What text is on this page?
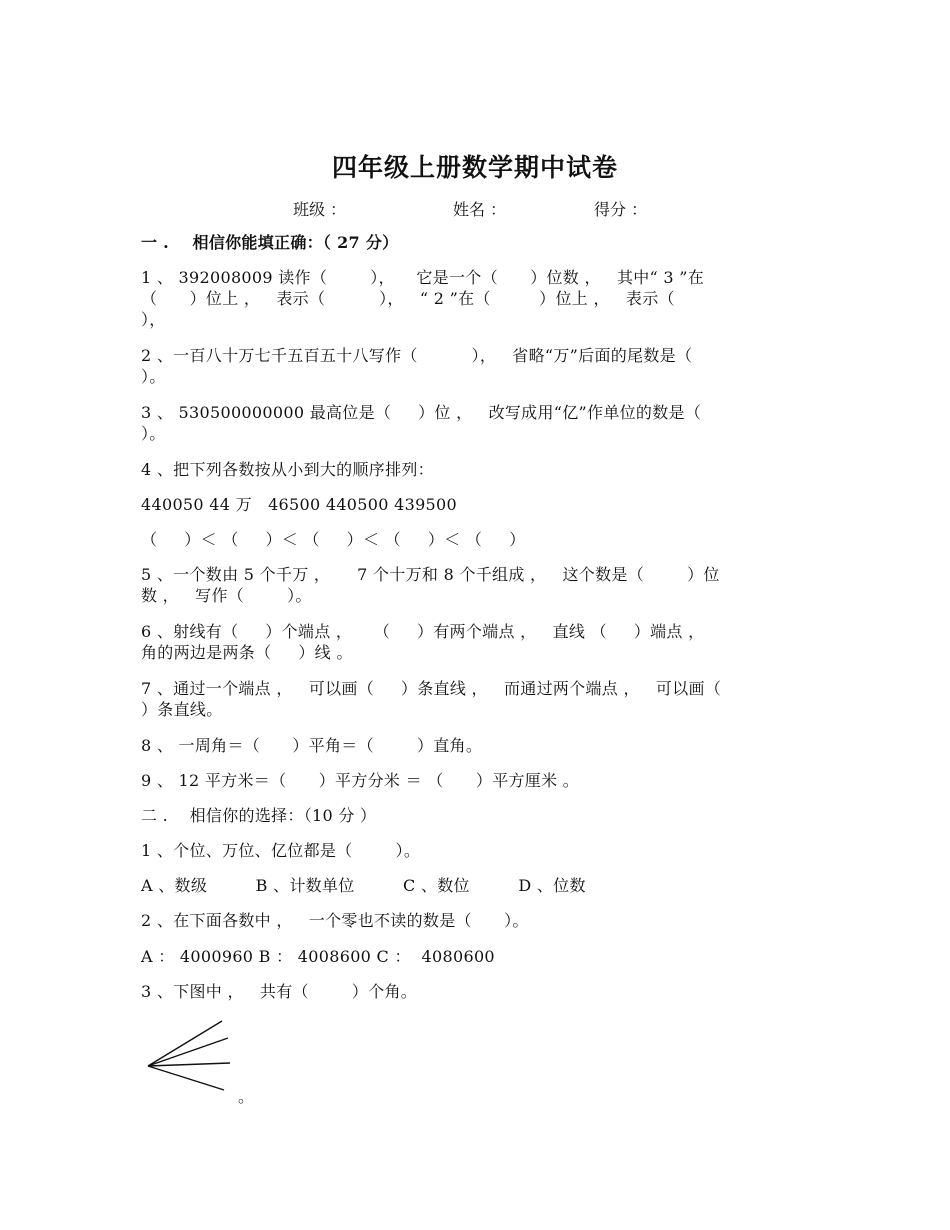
四年级上册数学期中试卷
班级 ：	姓名 ：	得分 ：
一 .    相信你能填正确：（ 27 分）
1 、 392008009 读作（        ），    它是一个（      ）位数 ，   其中“ 3 ”在
（      ）位上 ，   表示（          ），   “ 2 ”在（         ）位上 ，   表示（
），
2 、一百八十万七千五百五十八写作（          ），   省略“万”后面的尾数是（
）。
3 、 530500000000 最高位是（     ）位 ，   改写成用“亿”作单位的数是（
）。
4 、把下列各数按从小到大的顺序排列：
440050 44 万   46500 440500 439500
（     ）＜ （     ）＜ （     ）＜ （     ）＜ （     ）
5 、一个数由 5 个千万 ，     7 个十万和 8 个千组成 ，   这个数是（        ）位
数 ，   写作（        ）。
6 、射线有（     ）个端点 ，    （     ）有两个端点 ，   直线 （     ）端点 ，
角的两边是两条（     ）线 。
7 、通过一个端点 ，   可以画（     ）条直线 ，   而通过两个端点 ，   可以画（
）条直线。
8 、 一周角＝（      ）平角＝（        ）直角。
9 、 12 平方米＝（      ）平方分米 ＝ （      ）平方厘米 。
二 .    相信你的选择：（10 分 ）
1 、个位、万位、亿位都是（        ）。
A 、数级         B 、计数单位         C 、数位         D 、位数
2 、在下面各数中 ，   一个零也不读的数是（      ）。
A ： 4000960 B ： 4008600 C ：  4080600
3 、下图中 ，   共有（        ）个角。
。
